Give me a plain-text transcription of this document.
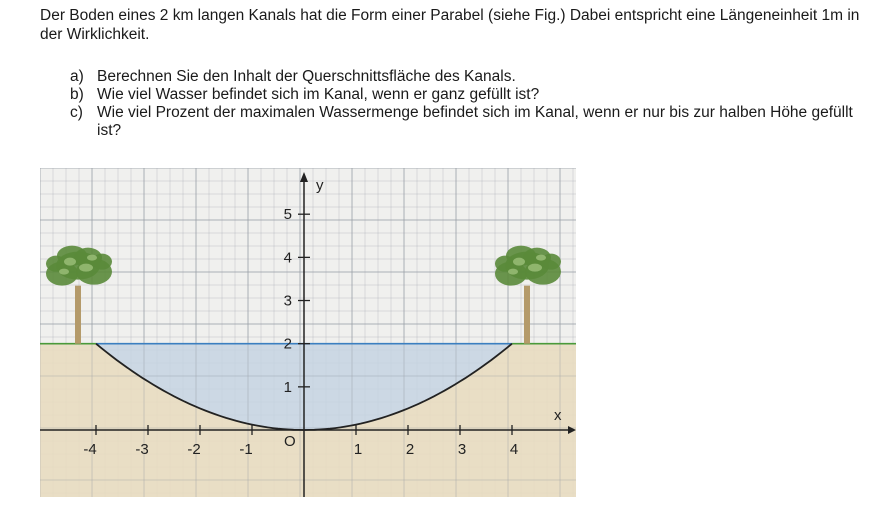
Der Boden eines 2 km langen Kanals hat die Form einer Parabel (siehe Fig.) Dabei entspricht eine Längeneinheit 1m in der Wirklichkeit.
a) Berechnen Sie den Inhalt der Querschnittsfläche des Kanals.
b) Wie viel Wasser befindet sich im Kanal, wenn er ganz gefüllt ist?
c) Wie viel Prozent der maximalen Wassermenge befindet sich im Kanal, wenn er nur bis zur halben Höhe gefüllt ist?
-4	-3	-2	-1	1	2	3	4
1
2
3
4
5
x
y
O
